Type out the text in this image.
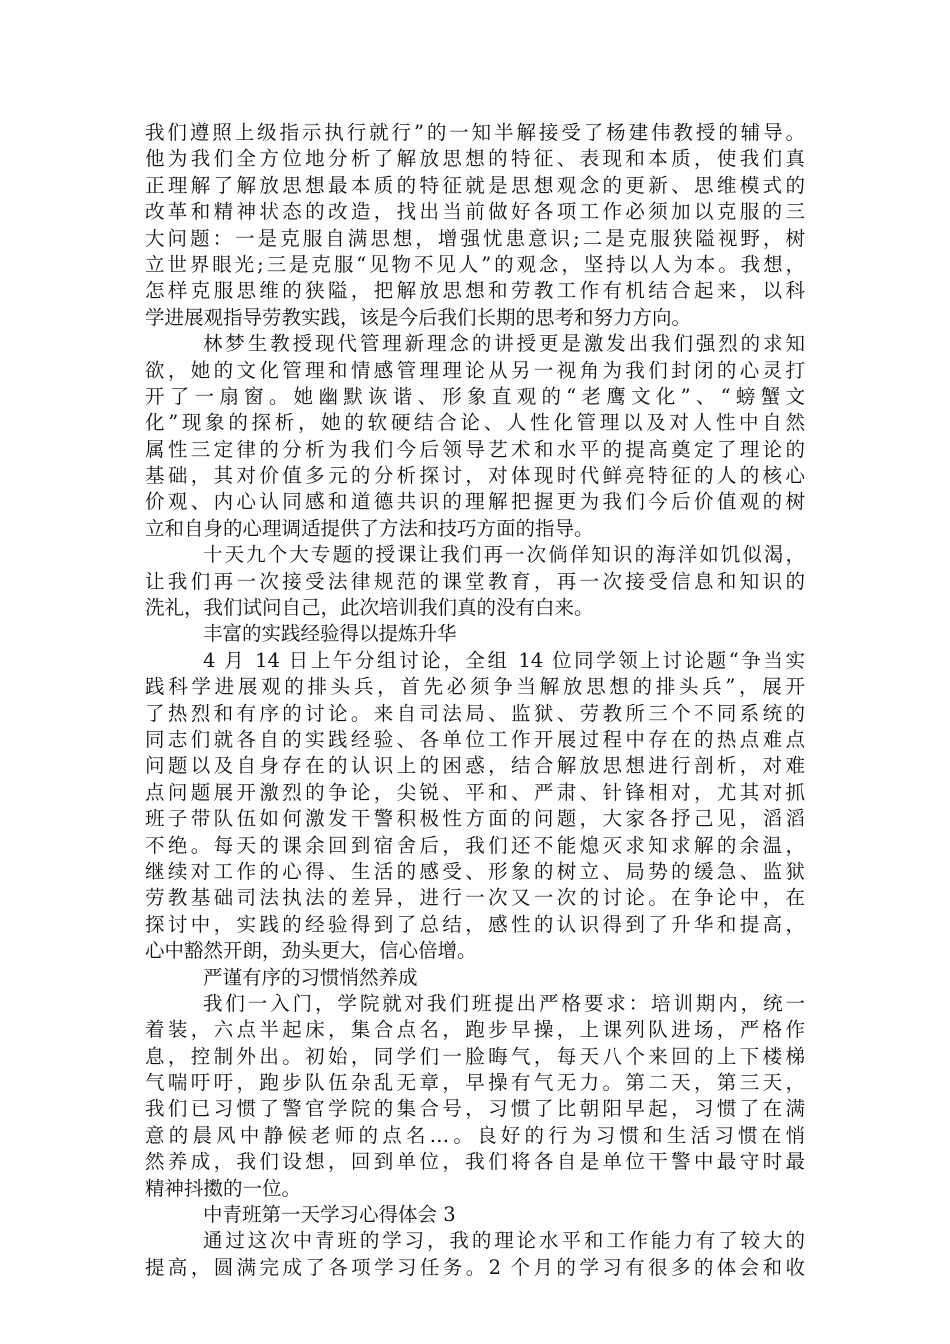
我们遵照上级指示执行就行”的一知半解接受了杨建伟教授的辅导。
他为我们全方位地分析了解放思想的特征、表现和本质，使我们真
正理解了解放思想最本质的特征就是思想观念的更新、思维模式的
改革和精神状态的改造，找出当前做好各项工作必须加以克服的三
大问题：一是克服自满思想，增强忧患意识;二是克服狭隘视野，树
立世界眼光;三是克服“见物不见人”的观念，坚持以人为本。我想，
怎样克服思维的狭隘，把解放思想和劳教工作有机结合起来，以科
学进展观指导劳教实践，该是今后我们长期的思考和努力方向。
林梦生教授现代管理新理念的讲授更是激发出我们强烈的求知
欲，她的文化管理和情感管理理论从另一视角为我们封闭的心灵打
开了一扇窗。她幽默诙谐、形象直观的“老鹰文化”、“螃蟹文
化”现象的探析，她的软硬结合论、人性化管理以及对人性中自然
属性三定律的分析为我们今后领导艺术和水平的提高奠定了理论的
基础，其对价值多元的分析探讨，对体现时代鲜亮特征的人的核心
价观、内心认同感和道德共识的理解把握更为我们今后价值观的树
立和自身的心理调适提供了方法和技巧方面的指导。
十天九个大专题的授课让我们再一次倘佯知识的海洋如饥似渴，
让我们再一次接受法律规范的课堂教育，再一次接受信息和知识的
洗礼，我们试问自己，此次培训我们真的没有白来。
丰富的实践经验得以提炼升华
4 月 14 日上午分组讨论，全组 14 位同学领上讨论题“争当实
践科学进展观的排头兵，首先必须争当解放思想的排头兵”，展开
了热烈和有序的讨论。来自司法局、监狱、劳教所三个不同系统的
同志们就各自的实践经验、各单位工作开展过程中存在的热点难点
问题以及自身存在的认识上的困惑，结合解放思想进行剖析，对难
点问题展开激烈的争论，尖锐、平和、严肃、针锋相对，尤其对抓
班子带队伍如何激发干警积极性方面的问题，大家各抒己见，滔滔
不绝。每天的课余回到宿舍后，我们还不能熄灭求知求解的余温，
继续对工作的心得、生活的感受、形象的树立、局势的缓急、监狱
劳教基础司法执法的差异，进行一次又一次的讨论。在争论中，在
探讨中，实践的经验得到了总结，感性的认识得到了升华和提高，
心中豁然开朗，劲头更大，信心倍增。
严谨有序的习惯悄然养成
我们一入门，学院就对我们班提出严格要求：培训期内，统一
着装，六点半起床，集合点名，跑步早操，上课列队进场，严格作
息，控制外出。初始，同学们一脸晦气，每天八个来回的上下楼梯
气喘吁吁，跑步队伍杂乱无章，早操有气无力。第二天，第三天，
我们已习惯了警官学院的集合号，习惯了比朝阳早起，习惯了在满
意的晨风中静候老师的点名…。良好的行为习惯和生活习惯在悄
然养成，我们设想，回到单位，我们将各自是单位干警中最守时最
精神抖擞的一位。
中青班第一天学习心得体会 3
通过这次中青班的学习，我的理论水平和工作能力有了较大的
提高，圆满完成了各项学习任务。2 个月的学习有很多的体会和收
